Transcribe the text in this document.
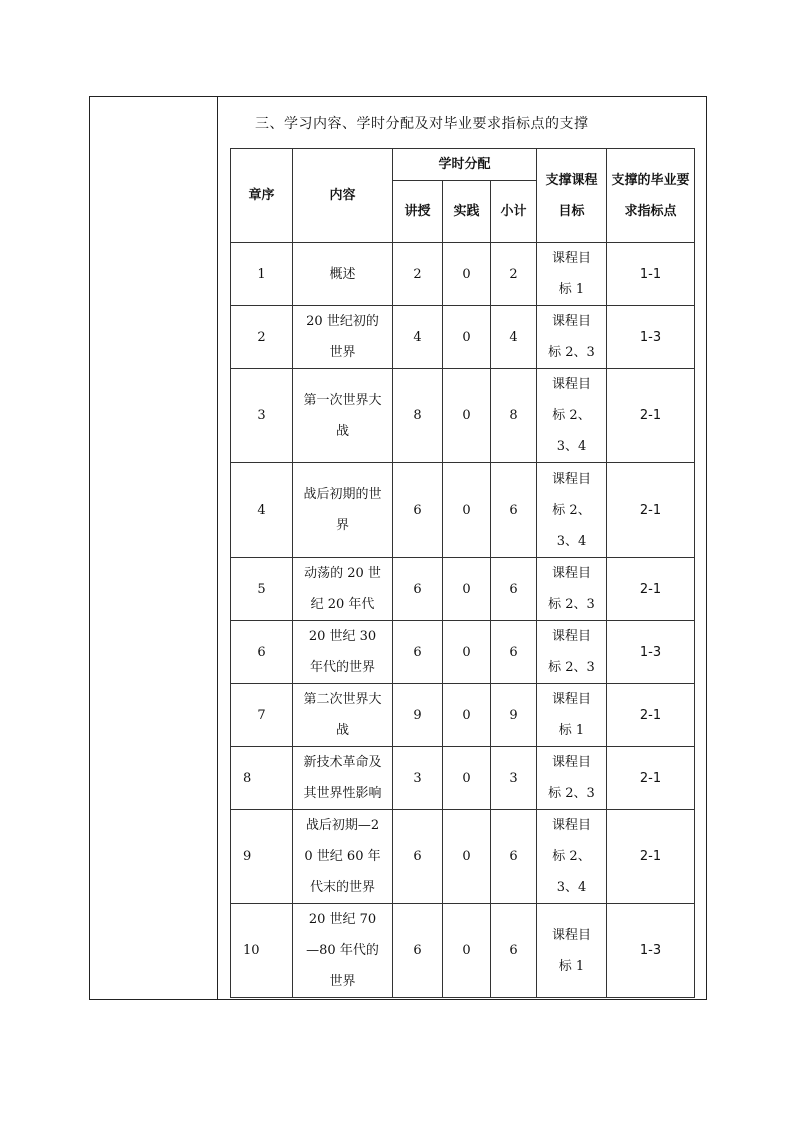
三、学习内容、学时分配及对毕业要求指标点的支撑
章序	内容	学时分配			支撑课程目标	支撑的毕业要求指标点
		讲授	实践	小计		
1	概述	2	0	2	课程目标 1	1-1
2	20 世纪初的世界	4	0	4	课程目标 2、3	1-3
3	第一次世界大战	8	0	8	课程目标 2、3、4	2-1
4	战后初期的世界	6	0	6	课程目标 2、3、4	2-1
5	动荡的 20 世纪 20 年代	6	0	6	课程目标 2、3	2-1
6	20 世纪 30 年代的世界	6	0	6	课程目标 2、3	1-3
7	第二次世界大战	9	0	9	课程目标 1	2-1
8	新技术革命及其世界性影响	3	0	3	课程目标 2、3	2-1
9	战后初期—20 世纪 60 年代末的世界	6	0	6	课程目标 2、3、4	2-1
10	20 世纪 70—80 年代的世界	6	0	6	课程目标 1	1-3
